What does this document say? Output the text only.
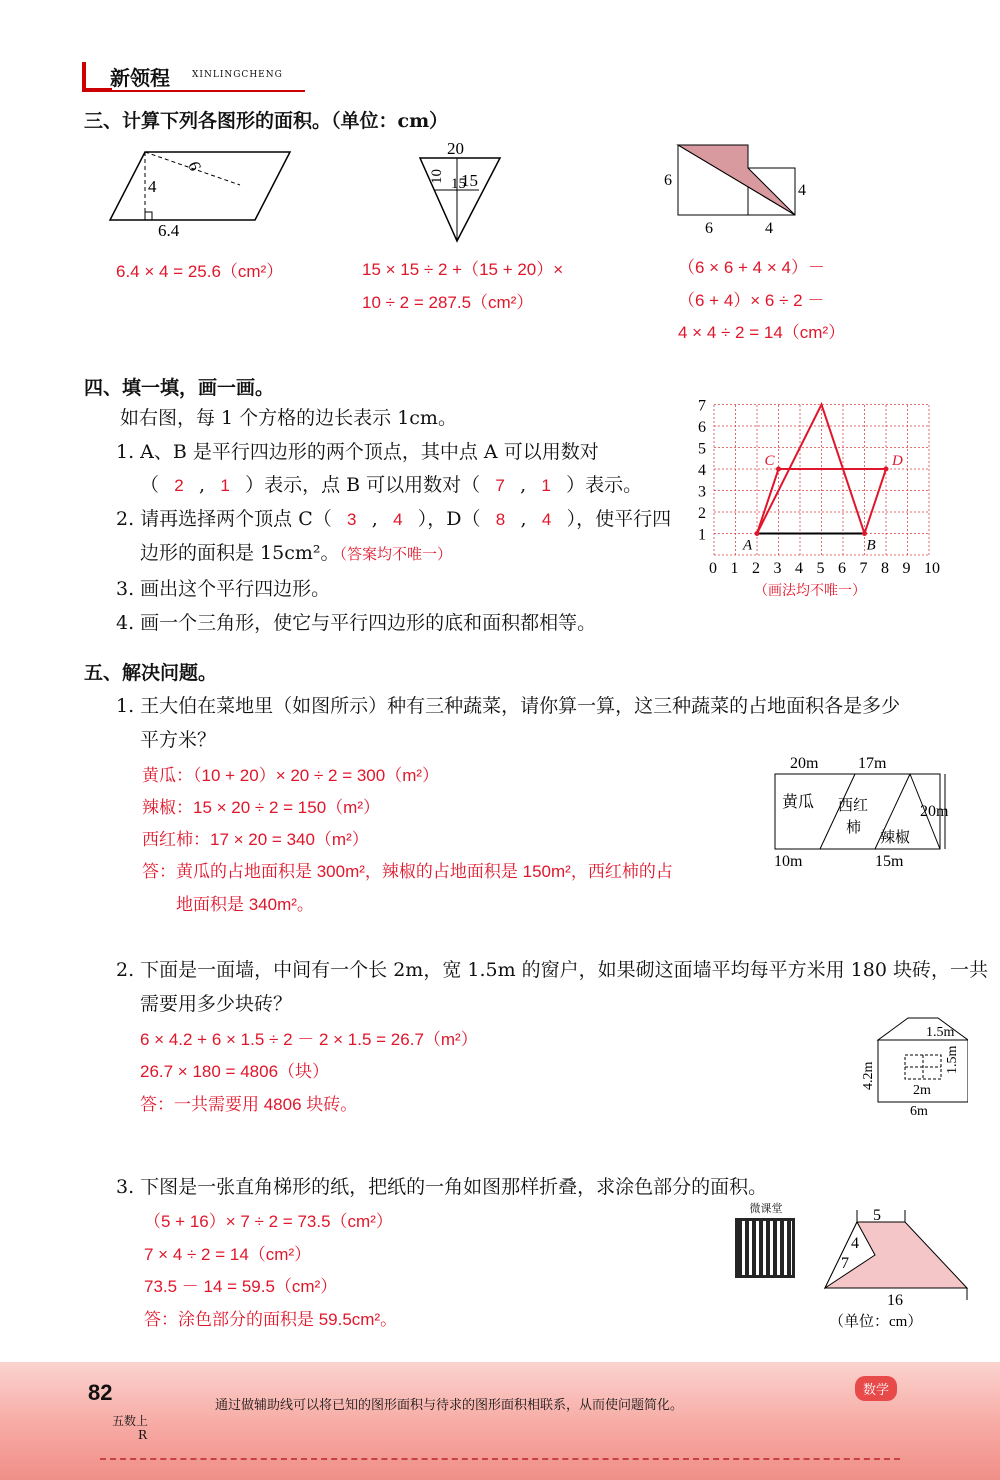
新领程 XINLINGCHENG
三、计算下列各图形的面积。（单位：cm）
4
6
6.4
20
10 15
15	6
4
6	4
6.4 × 4 = 25.6（cm²）	15 × 15 ÷ 2 +（15 + 20）×
10 ÷ 2 = 287.5（cm²）
（6 × 6 + 4 × 4）－
（6 + 4）× 6 ÷ 2 －
4 × 4 ÷ 2 = 14（cm²）
四、填一填，画一画。
如右图，每 1 个方格的边长表示 1cm。
1. A、B 是平行四边形的两个顶点，其中点 A 可以用数对
（ 2 , 1 ）表示，点 B 可以用数对（ 7 , 1 ）表示。
2. 请再选择两个顶点 C（ 3 , 4 ），D（ 8 , 4 ），使平行四
边形的面积是 15cm²。（答案均不唯一）
3. 画出这个平行四边形。
4. 画一个三角形，使它与平行四边形的底和面积都相等。
0 1 2 3 4 5 6 7 8 9 10
7
6
5
4
3
2
1
A	B
C	D
（画法均不唯一）
五、解决问题。
1. 王大伯在菜地里（如图所示）种有三种蔬菜，请你算一算，这三种蔬菜的占地面积各是多少
平方米？
黄瓜：（10 + 20）× 20 ÷ 2 = 300（m²）
辣椒：15 × 20 ÷ 2 = 150（m²）
西红柿：17 × 20 = 340（m²）
答：黄瓜的占地面积是 300m²，辣椒的占地面积是 150m²，西红柿的占
地面积是 340m²。
20m 17m
20m
10m	15m
黄瓜 西红
柿
辣椒
2. 下面是一面墙，中间有一个长 2m，宽 1.5m 的窗户，如果砌这面墙平均每平方米用 180 块砖，一共
需要用多少块砖？
6 × 4.2 + 6 × 1.5 ÷ 2 － 2 × 1.5 = 26.7（m²）
26.7 × 180 = 4806（块）
答：一共需要用 4806 块砖。
1.5m
1.5m
4.2m
2m
6m
3. 下图是一张直角梯形的纸，把纸的一角如图那样折叠，求涂色部分的面积。
（5 + 16）× 7 ÷ 2 = 73.5（cm²）
7 × 4 ÷ 2 = 14（cm²）
73.5 － 14 = 59.5（cm²）
答：涂色部分的面积是 59.5cm²。
微课堂	5
4
7
16
（单位：cm）
82
五数上
R
通过做辅助线可以将已知的图形面积与待求的图形面积相联系，从而使问题简化。
数学
